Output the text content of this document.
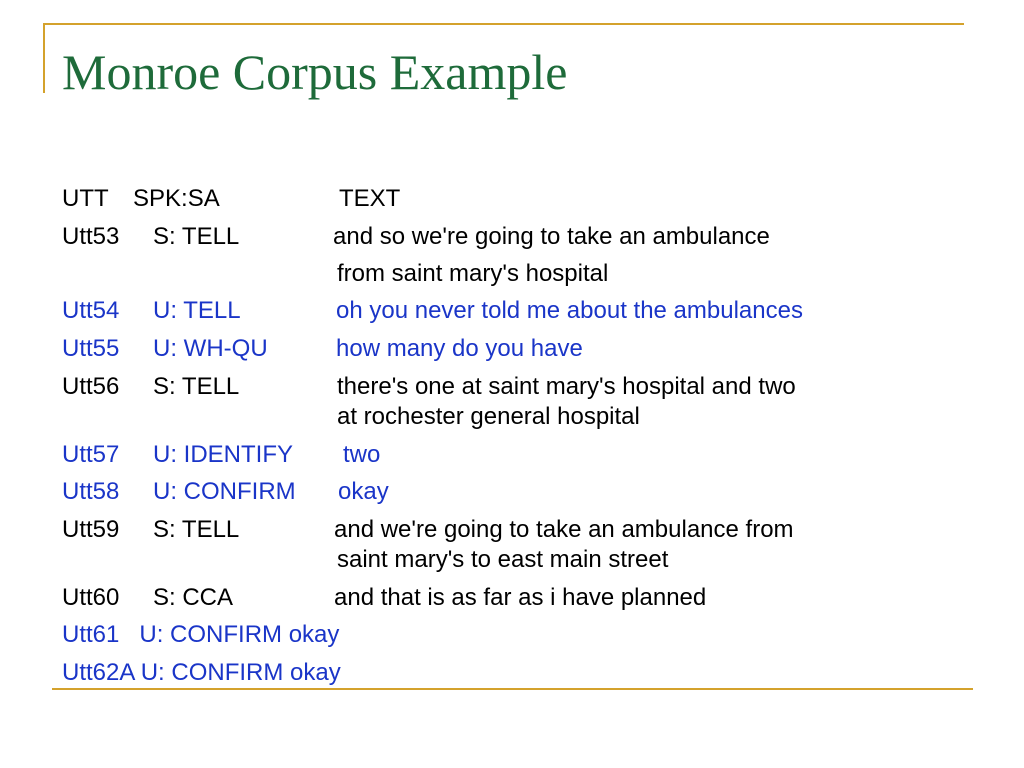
Monroe Corpus Example
UTT SPK:SA	TEXT
Utt53 S: TELL	and so we're going to take an ambulance
from saint mary's hospital
Utt54 U: TELL	oh you never told me about the ambulances
Utt55 U: WH-QU	how many do you have
Utt56 S: TELL	there's one at saint mary's hospital and two
at rochester general hospital
Utt57 U: IDENTIFY two
Utt58 U: CONFIRM okay
Utt59 S: TELL	and we're going to take an ambulance from
saint mary's to east main street
Utt60 S: CCA	and that is as far as i have planned
Utt61   U: CONFIRM okay
Utt62A U: CONFIRM okay
